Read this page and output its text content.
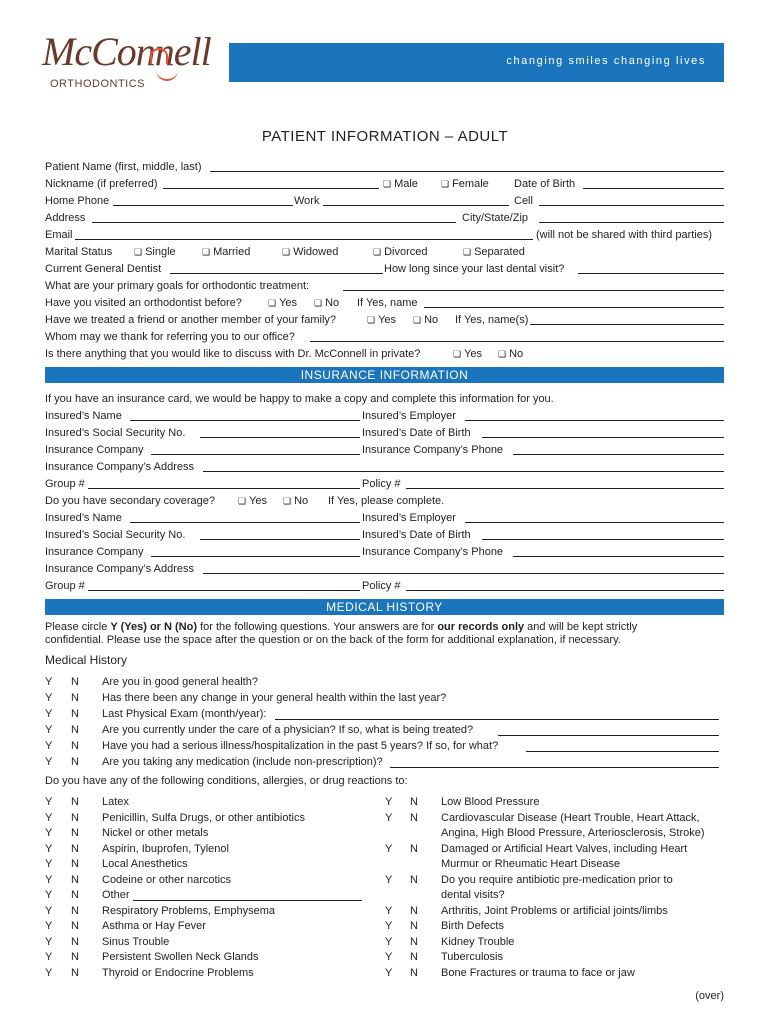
McConnell
ORTHODONTICS
changing smiles changing lives
PATIENT INFORMATION – ADULT
Patient Name (first, middle, last)
Nickname (if preferred)	❏ Male	❏ Female Date of Birth
Home Phone	Work	Cell
Address	City/State/Zip
Email	(will not be shared with third parties)
Marital Status ❏ Single	❏ Married	❏ Widowed	❏ Divorced	❏ Separated
Current General Dentist	How long since your last dental visit?
What are your primary goals for orthodontic treatment:
Have you visited an orthodontist before?	❏ Yes ❏ No If Yes, name
Have we treated a friend or another member of your family?	❏ Yes ❏ No If Yes, name(s)
Whom may we thank for referring you to our office?
Is there anything that you would like to discuss with Dr. McConnell in private?	❏ Yes ❏ No
INSURANCE INFORMATION
If you have an insurance card, we would be happy to make a copy and complete this information for you.
Insured’s Name	Insured’s Employer
Insured’s Social Security No.	Insured’s Date of Birth
Insurance Company	Insurance Company’s Phone
Insurance Company’s Address
Group #	Policy #
Do you have secondary coverage?	❏ Yes ❏ No If Yes, please complete.
Insured’s Name	Insured’s Employer
Insured’s Social Security No.	Insured’s Date of Birth
Insurance Company	Insurance Company’s Phone
Insurance Company’s Address
Group #	Policy #
MEDICAL HISTORY
Please circle Y (Yes) or N (No) for the following questions. Your answers are for our records only and will be kept strictly
confidential. Please use the space after the question or on the back of the form for additional explanation, if necessary.
Medical History
Y N Are you in good general health?
Y N Has there been any change in your general health within the last year?
Y N Last Physical Exam (month/year):
Y N Are you currently under the care of a physician? If so, what is being treated?
Y N Have you had a serious illness/hospitalization in the past 5 years? If so, for what?
Y N Are you taking any medication (include non-prescription)?
Do you have any of the following conditions, allergies, or drug reactions to:
Y N Latex
Y N Penicillin, Sulfa Drugs, or other antibiotics
Y N Nickel or other metals
Y N Aspirin, Ibuprofen, Tylenol
Y N Local Anesthetics
Y N Codeine or other narcotics
Y N Other
Y N Respiratory Problems, Emphysema
Y N Asthma or Hay Fever
Y N Sinus Trouble
Y N Persistent Swollen Neck Glands
Y N Thyroid or Endocrine Problems
Y N Low Blood Pressure
Y N Cardiovascular Disease (Heart Trouble, Heart Attack,
Angina, High Blood Pressure, Arteriosclerosis, Stroke)
Y N Damaged or Artificial Heart Valves, including Heart
Murmur or Rheumatic Heart Disease
Y N Do you require antibiotic pre-medication prior to
dental visits?
Y N Arthritis, Joint Problems or artificial joints/limbs
Y N Birth Defects
Y N Kidney Trouble
Y N Tuberculosis
Y N Bone Fractures or trauma to face or jaw
(over)
